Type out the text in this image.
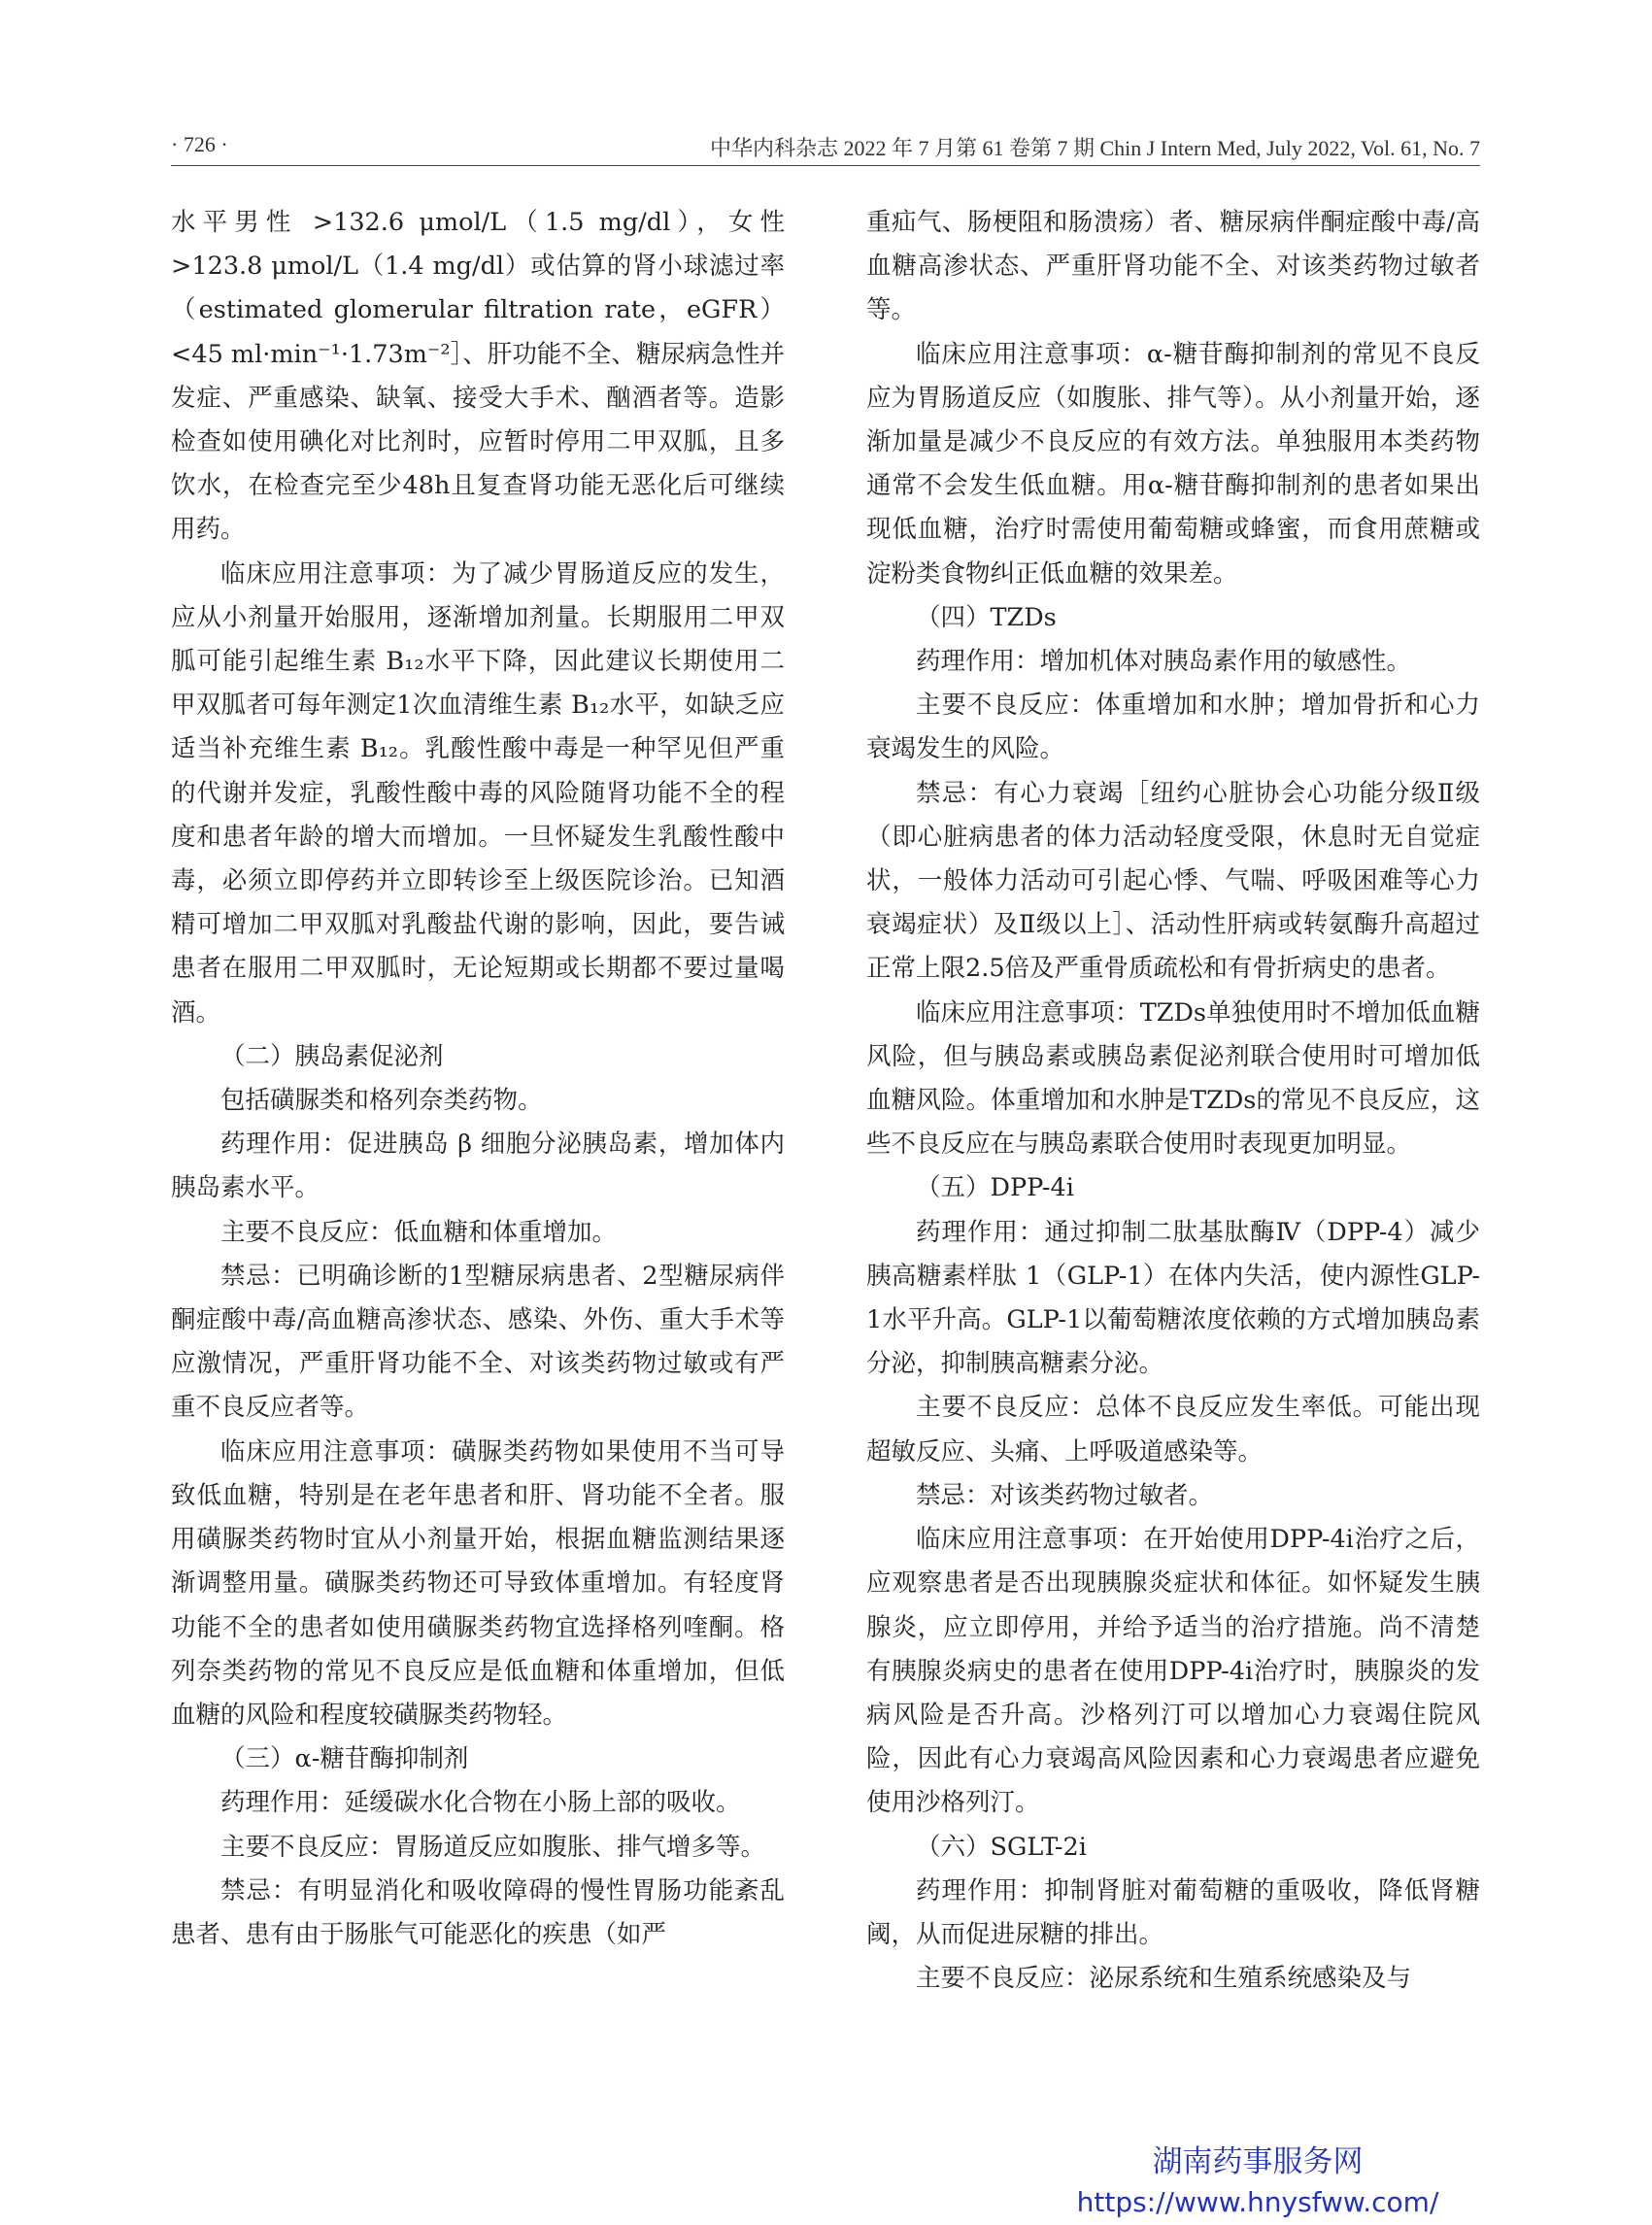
· 726 ·	中华内科杂志 2022 年 7 月第 61 卷第 7 期 Chin J Intern Med, July 2022, Vol. 61, No. 7

水平男性 >132.6 μmol/L（1.5 mg/dl），女性 >123.8 μmol/L（1.4 mg/dl）或估算的肾小球滤过率（estimated glomerular filtration rate，eGFR）<45 ml·min⁻¹·1.73m⁻²］、肝功能不全、糖尿病急性并发症、严重感染、缺氧、接受大手术、酗酒者等。造影检查如使用碘化对比剂时，应暂时停用二甲双胍，且多饮水，在检查完至少48h且复查肾功能无恶化后可继续用药。

临床应用注意事项：为了减少胃肠道反应的发生，应从小剂量开始服用，逐渐增加剂量。长期服用二甲双胍可能引起维生素 B₁₂水平下降，因此建议长期使用二甲双胍者可每年测定1次血清维生素 B₁₂水平，如缺乏应适当补充维生素 B₁₂。乳酸性酸中毒是一种罕见但严重的代谢并发症，乳酸性酸中毒的风险随肾功能不全的程度和患者年龄的增大而增加。一旦怀疑发生乳酸性酸中毒，必须立即停药并立即转诊至上级医院诊治。已知酒精可增加二甲双胍对乳酸盐代谢的影响，因此，要告诫患者在服用二甲双胍时，无论短期或长期都不要过量喝酒。

（二）胰岛素促泌剂

包括磺脲类和格列奈类药物。

药理作用：促进胰岛 β 细胞分泌胰岛素，增加体内胰岛素水平。

主要不良反应：低血糖和体重增加。

禁忌：已明确诊断的1型糖尿病患者、2型糖尿病伴酮症酸中毒/高血糖高渗状态、感染、外伤、重大手术等应激情况，严重肝肾功能不全、对该类药物过敏或有严重不良反应者等。

临床应用注意事项：磺脲类药物如果使用不当可导致低血糖，特别是在老年患者和肝、肾功能不全者。服用磺脲类药物时宜从小剂量开始，根据血糖监测结果逐渐调整用量。磺脲类药物还可导致体重增加。有轻度肾功能不全的患者如使用磺脲类药物宜选择格列喹酮。格列奈类药物的常见不良反应是低血糖和体重增加，但低血糖的风险和程度较磺脲类药物轻。

（三）α-糖苷酶抑制剂

药理作用：延缓碳水化合物在小肠上部的吸收。

主要不良反应：胃肠道反应如腹胀、排气增多等。

禁忌：有明显消化和吸收障碍的慢性胃肠功能紊乱患者、患有由于肠胀气可能恶化的疾患（如严

重疝气、肠梗阻和肠溃疡）者、糖尿病伴酮症酸中毒/高血糖高渗状态、严重肝肾功能不全、对该类药物过敏者等。

临床应用注意事项：α-糖苷酶抑制剂的常见不良反应为胃肠道反应（如腹胀、排气等）。从小剂量开始，逐渐加量是减少不良反应的有效方法。单独服用本类药物通常不会发生低血糖。用α-糖苷酶抑制剂的患者如果出现低血糖，治疗时需使用葡萄糖或蜂蜜，而食用蔗糖或淀粉类食物纠正低血糖的效果差。

（四）TZDs

药理作用：增加机体对胰岛素作用的敏感性。

主要不良反应：体重增加和水肿；增加骨折和心力衰竭发生的风险。

禁忌：有心力衰竭［纽约心脏协会心功能分级Ⅱ级（即心脏病患者的体力活动轻度受限，休息时无自觉症状，一般体力活动可引起心悸、气喘、呼吸困难等心力衰竭症状）及Ⅱ级以上］、活动性肝病或转氨酶升高超过正常上限2.5倍及严重骨质疏松和有骨折病史的患者。

临床应用注意事项：TZDs单独使用时不增加低血糖风险，但与胰岛素或胰岛素促泌剂联合使用时可增加低血糖风险。体重增加和水肿是TZDs的常见不良反应，这些不良反应在与胰岛素联合使用时表现更加明显。

（五）DPP-4i

药理作用：通过抑制二肽基肽酶Ⅳ（DPP-4）减少胰高糖素样肽 1（GLP-1）在体内失活，使内源性GLP-1水平升高。GLP-1以葡萄糖浓度依赖的方式增加胰岛素分泌，抑制胰高糖素分泌。

主要不良反应：总体不良反应发生率低。可能出现超敏反应、头痛、上呼吸道感染等。

禁忌：对该类药物过敏者。

临床应用注意事项：在开始使用DPP-4i治疗之后，应观察患者是否出现胰腺炎症状和体征。如怀疑发生胰腺炎，应立即停用，并给予适当的治疗措施。尚不清楚有胰腺炎病史的患者在使用DPP-4i治疗时，胰腺炎的发病风险是否升高。沙格列汀可以增加心力衰竭住院风险，因此有心力衰竭高风险因素和心力衰竭患者应避免使用沙格列汀。

（六）SGLT-2i

药理作用：抑制肾脏对葡萄糖的重吸收，降低肾糖阈，从而促进尿糖的排出。

主要不良反应：泌尿系统和生殖系统感染及与

湖南药事服务网
https://www.hnysfww.com/
